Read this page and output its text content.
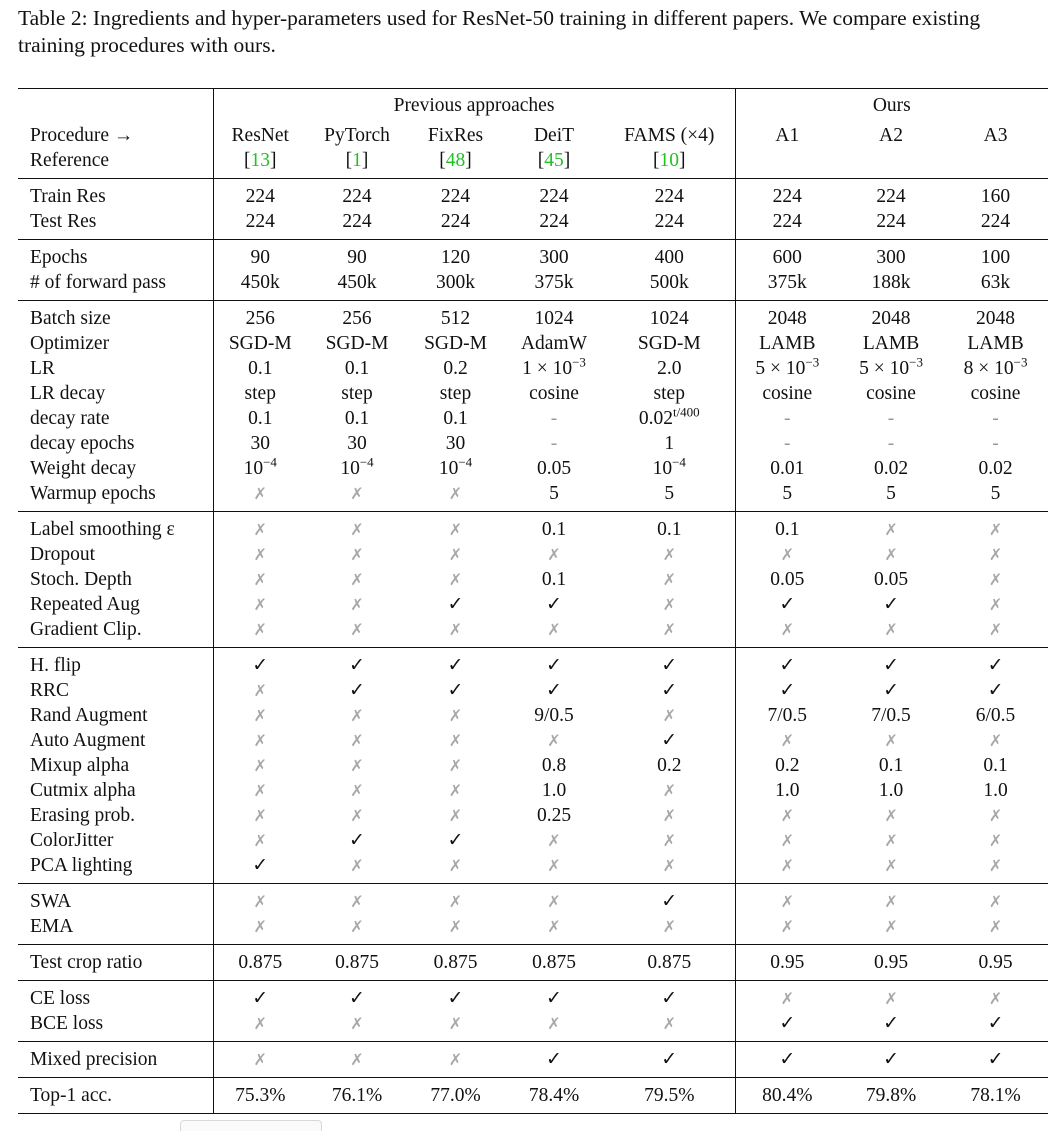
Table 2: Ingredients and hyper-parameters used for ResNet-50 training in different papers. We compare existing training procedures with ours.

	Previous approaches					Ours		
Procedure →	ResNet	PyTorch	FixRes	DeiT	FAMS (×4)	A1	A2	A3
Reference	[13]	[1]	[48]	[45]	[10]			
Train Res	224	224	224	224	224	224	224	160
Test Res	224	224	224	224	224	224	224	224
Epochs	90	90	120	300	400	600	300	100
# of forward pass	450k	450k	300k	375k	500k	375k	188k	63k
Batch size	256	256	512	1024	1024	2048	2048	2048
Optimizer	SGD-M	SGD-M	SGD-M	AdamW	SGD-M	LAMB	LAMB	LAMB
LR	0.1	0.1	0.2	$1 \times 10^{-3}$	2.0	$5 \times 10^{-3}$	$5 \times 10^{-3}$	$8 \times 10^{-3}$
LR decay	step	step	step	cosine	step	cosine	cosine	cosine
decay rate	0.1	0.1	0.1	-	$0.02^{t/400}$	-	-	-
decay epochs	30	30	30	-	1	-	-	-
Weight decay	$10^{-4}$	$10^{-4}$	$10^{-4}$	0.05	$10^{-4}$	0.01	0.02	0.02
Warmup epochs	✗	✗	✗	5	5	5	5	5
Label smoothing ε	✗	✗	✗	0.1	0.1	0.1	✗	✗
Dropout	✗	✗	✗	✗	✗	✗	✗	✗
Stoch. Depth	✗	✗	✗	0.1	✗	0.05	0.05	✗
Repeated Aug	✗	✗	✓	✓	✗	✓	✓	✗
Gradient Clip.	✗	✗	✗	✗	✗	✗	✗	✗
H. flip	✓	✓	✓	✓	✓	✓	✓	✓
RRC	✗	✓	✓	✓	✓	✓	✓	✓
Rand Augment	✗	✗	✗	9/0.5	✗	7/0.5	7/0.5	6/0.5
Auto Augment	✗	✗	✗	✗	✓	✗	✗	✗
Mixup alpha	✗	✗	✗	0.8	0.2	0.2	0.1	0.1
Cutmix alpha	✗	✗	✗	1.0	✗	1.0	1.0	1.0
Erasing prob.	✗	✗	✗	0.25	✗	✗	✗	✗
ColorJitter	✗	✓	✓	✗	✗	✗	✗	✗
PCA lighting	✓	✗	✗	✗	✗	✗	✗	✗
SWA	✗	✗	✗	✗	✓	✗	✗	✗
EMA	✗	✗	✗	✗	✗	✗	✗	✗
Test crop ratio	0.875	0.875	0.875	0.875	0.875	0.95	0.95	0.95
CE loss	✓	✓	✓	✓	✓	✗	✗	✗
BCE loss	✗	✗	✗	✗	✗	✓	✓	✓
Mixed precision	✗	✗	✗	✓	✓	✓	✓	✓
Top-1 acc.	75.3%	76.1%	77.0%	78.4%	79.5%	80.4%	79.8%	78.1%
